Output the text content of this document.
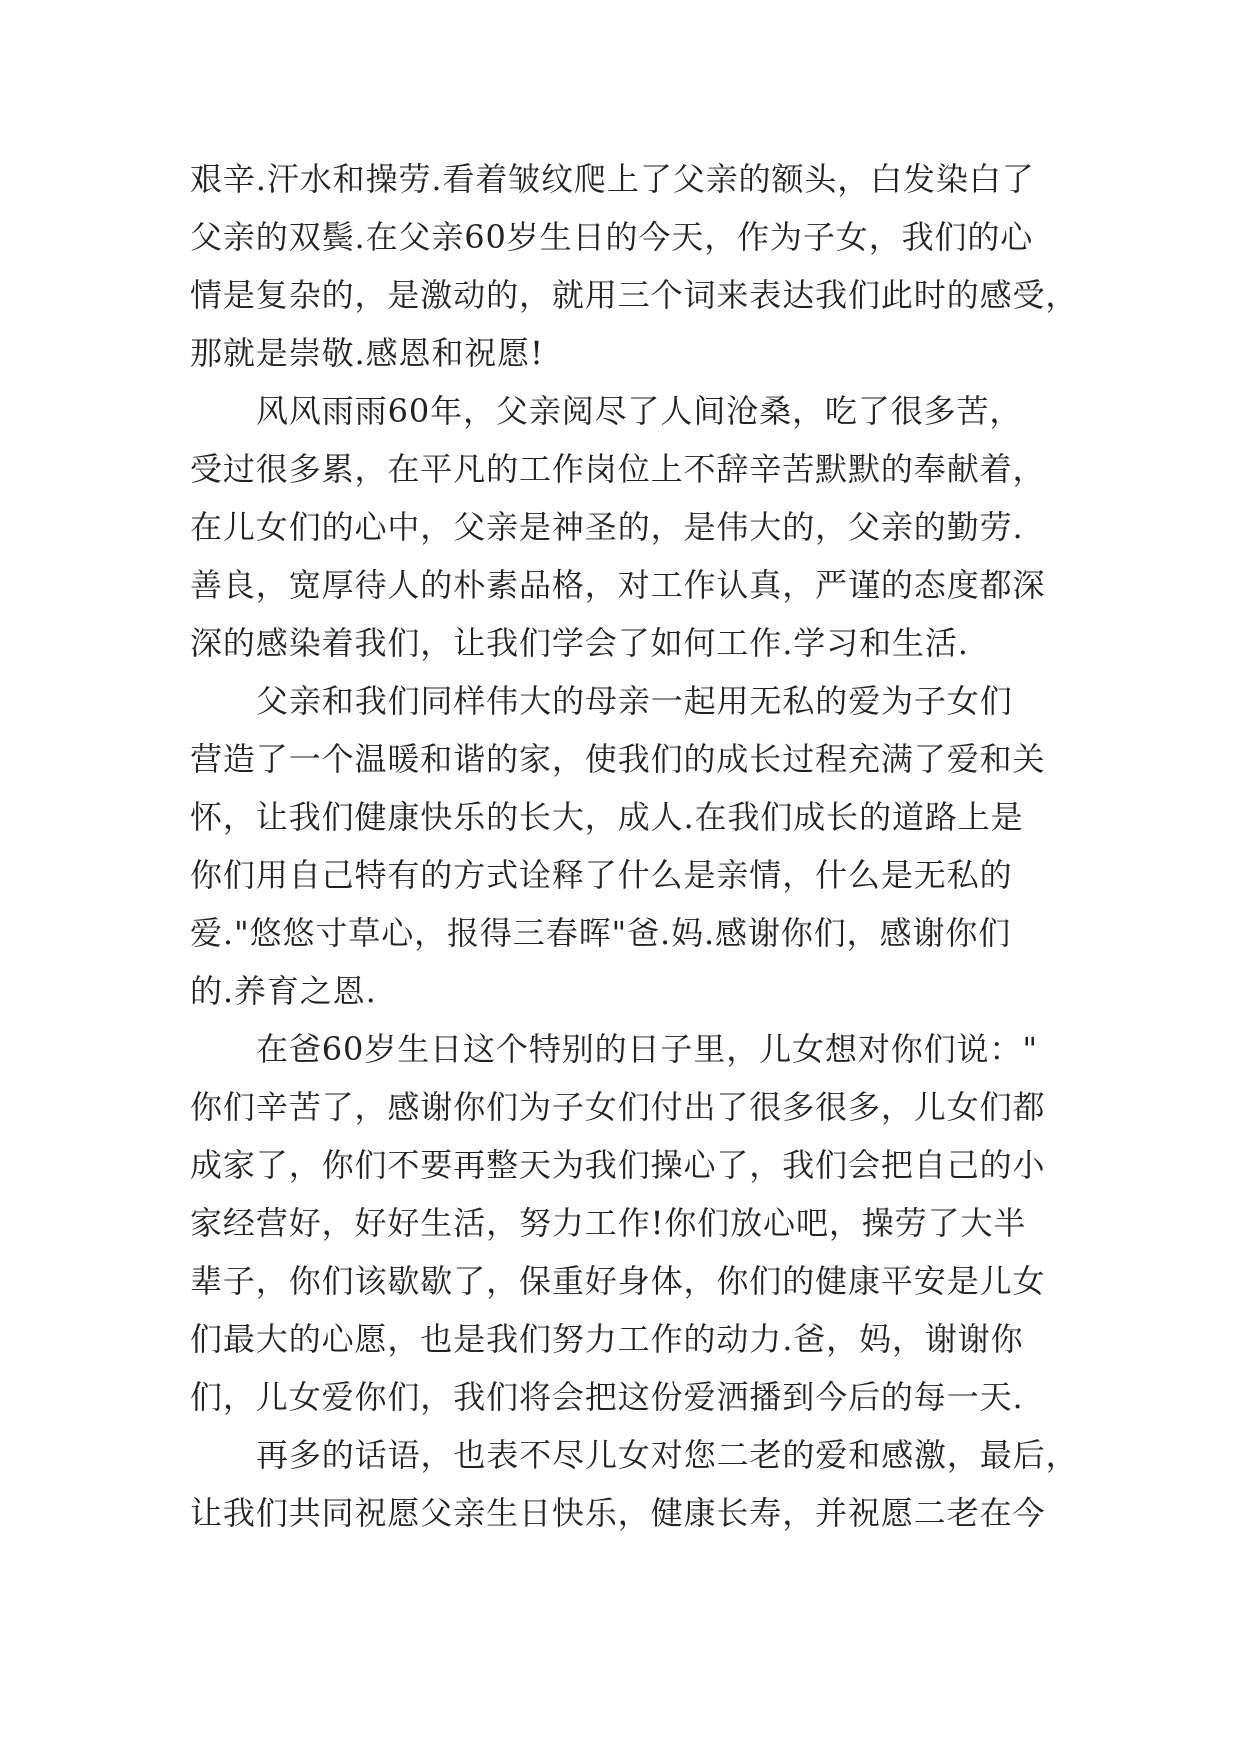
艰辛.汗水和操劳.看着皱纹爬上了父亲的额头，白发染白了
父亲的双鬓.在父亲60岁生日的今天，作为子女，我们的心
情是复杂的，是激动的，就用三个词来表达我们此时的感受，
那就是崇敬.感恩和祝愿!
风风雨雨60年，父亲阅尽了人间沧桑，吃了很多苦，
受过很多累，在平凡的工作岗位上不辞辛苦默默的奉献着，
在儿女们的心中，父亲是神圣的，是伟大的，父亲的勤劳.
善良，宽厚待人的朴素品格，对工作认真，严谨的态度都深
深的感染着我们，让我们学会了如何工作.学习和生活.
父亲和我们同样伟大的母亲一起用无私的爱为子女们
营造了一个温暖和谐的家，使我们的成长过程充满了爱和关
怀，让我们健康快乐的长大，成人.在我们成长的道路上是
你们用自己特有的方式诠释了什么是亲情，什么是无私的
爱."悠悠寸草心，报得三春晖"爸.妈.感谢你们，感谢你们
的.养育之恩.
在爸60岁生日这个特别的日子里，儿女想对你们说："
你们辛苦了，感谢你们为子女们付出了很多很多，儿女们都
成家了，你们不要再整天为我们操心了，我们会把自己的小
家经营好，好好生活，努力工作!你们放心吧，操劳了大半
辈子，你们该歇歇了，保重好身体，你们的健康平安是儿女
们最大的心愿，也是我们努力工作的动力.爸，妈，谢谢你
们，儿女爱你们，我们将会把这份爱洒播到今后的每一天.
再多的话语，也表不尽儿女对您二老的爱和感激，最后，
让我们共同祝愿父亲生日快乐，健康长寿，并祝愿二老在今
